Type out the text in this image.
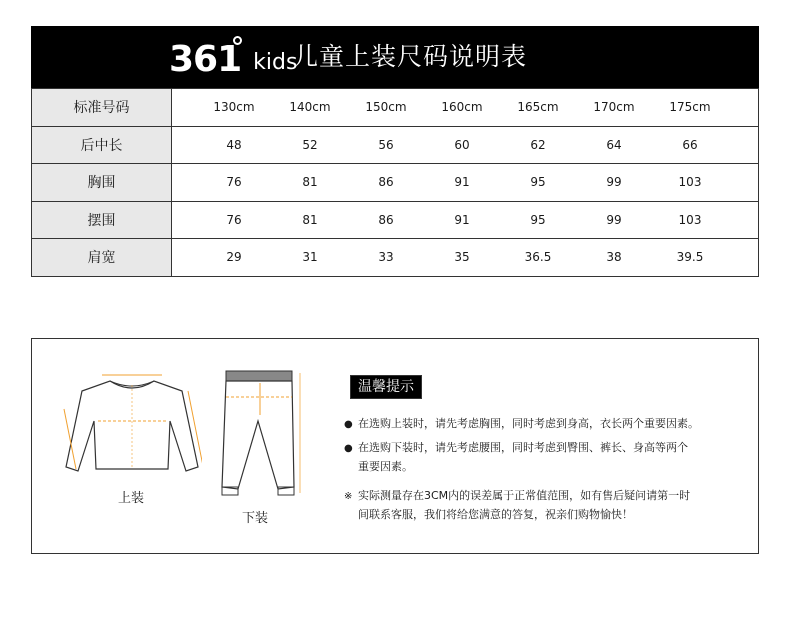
361 kids
儿童上装尺码说明表
标准号码	130cm 140cm 150cm 160cm 165cm 170cm 175cm
后中长	48 52 56 60 62 64 66
胸围	76 81 86 91 95 99 103
摆围	76 81 86 91 95 99 103
肩宽	29 31 33 35 36.5 38 39.5
上装
下装
温馨提示
● 在选购上装时，请先考虑胸围，同时考虑到身高，衣长两个重要因素。
● 在选购下装时，请先考虑腰围，同时考虑到臀围、裤长、身高等两个
重要因素。
※ 实际测量存在3CM内的误差属于正常值范围，如有售后疑问请第一时
间联系客服，我们将给您满意的答复，祝亲们购物愉快！
